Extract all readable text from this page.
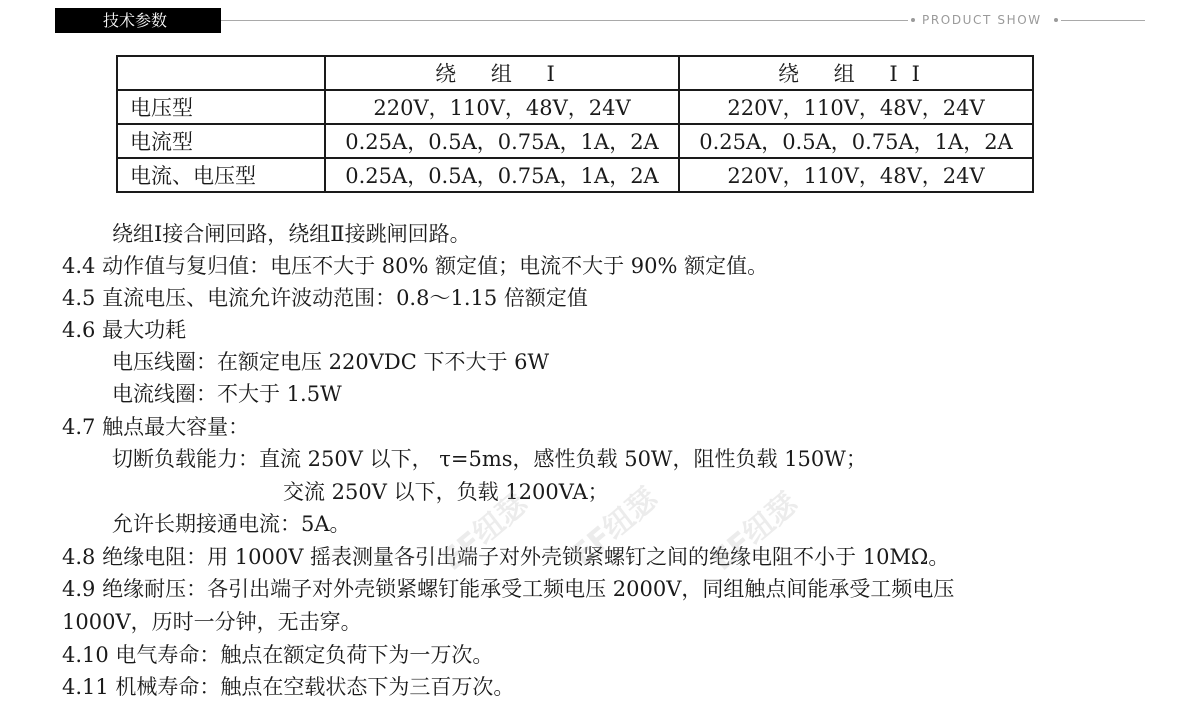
技术参数	PRODUCT SHOW
	绕 组 I	绕 组 II
电压型	220V，110V，48V，24V	220V，110V，48V，24V
电流型	0.25A，0.5A，0.75A，1A，2A	0.25A，0.5A，0.75A，1A，2A
电流、电压型	0.25A，0.5A，0.75A，1A，2A	220V，110V，48V，24V
绕组Ⅰ接合闸回路，绕组Ⅱ接跳闸回路。
4.4 动作值与复归值：电压不大于 80% 额定值；电流不大于 90% 额定值。
4.5 直流电压、电流允许波动范围：0.8～1.15 倍额定值
4.6 最大功耗
电压线圈：在额定电压 220VDC 下不大于 6W
电流线圈：不大于 1.5W
4.7 触点最大容量：
切断负载能力：直流 250V 以下， τ=5ms，感性负载 50W，阻性负载 150W；
交流 250V 以下，负载 1200VA；
允许长期接通电流：5A。
4.8 绝缘电阻：用 1000V 摇表测量各引出端子对外壳锁紧螺钉之间的绝缘电阻不小于 10MΩ。
4.9 绝缘耐压：各引出端子对外壳锁紧螺钉能承受工频电压 2000V，同组触点间能承受工频电压
1000V，历时一分钟，无击穿。
4.10 电气寿命：触点在额定负荷下为一万次。
4.11 机械寿命：触点在空载状态下为三百万次。
EF纽瑟 EF纽瑟 EF纽瑟
